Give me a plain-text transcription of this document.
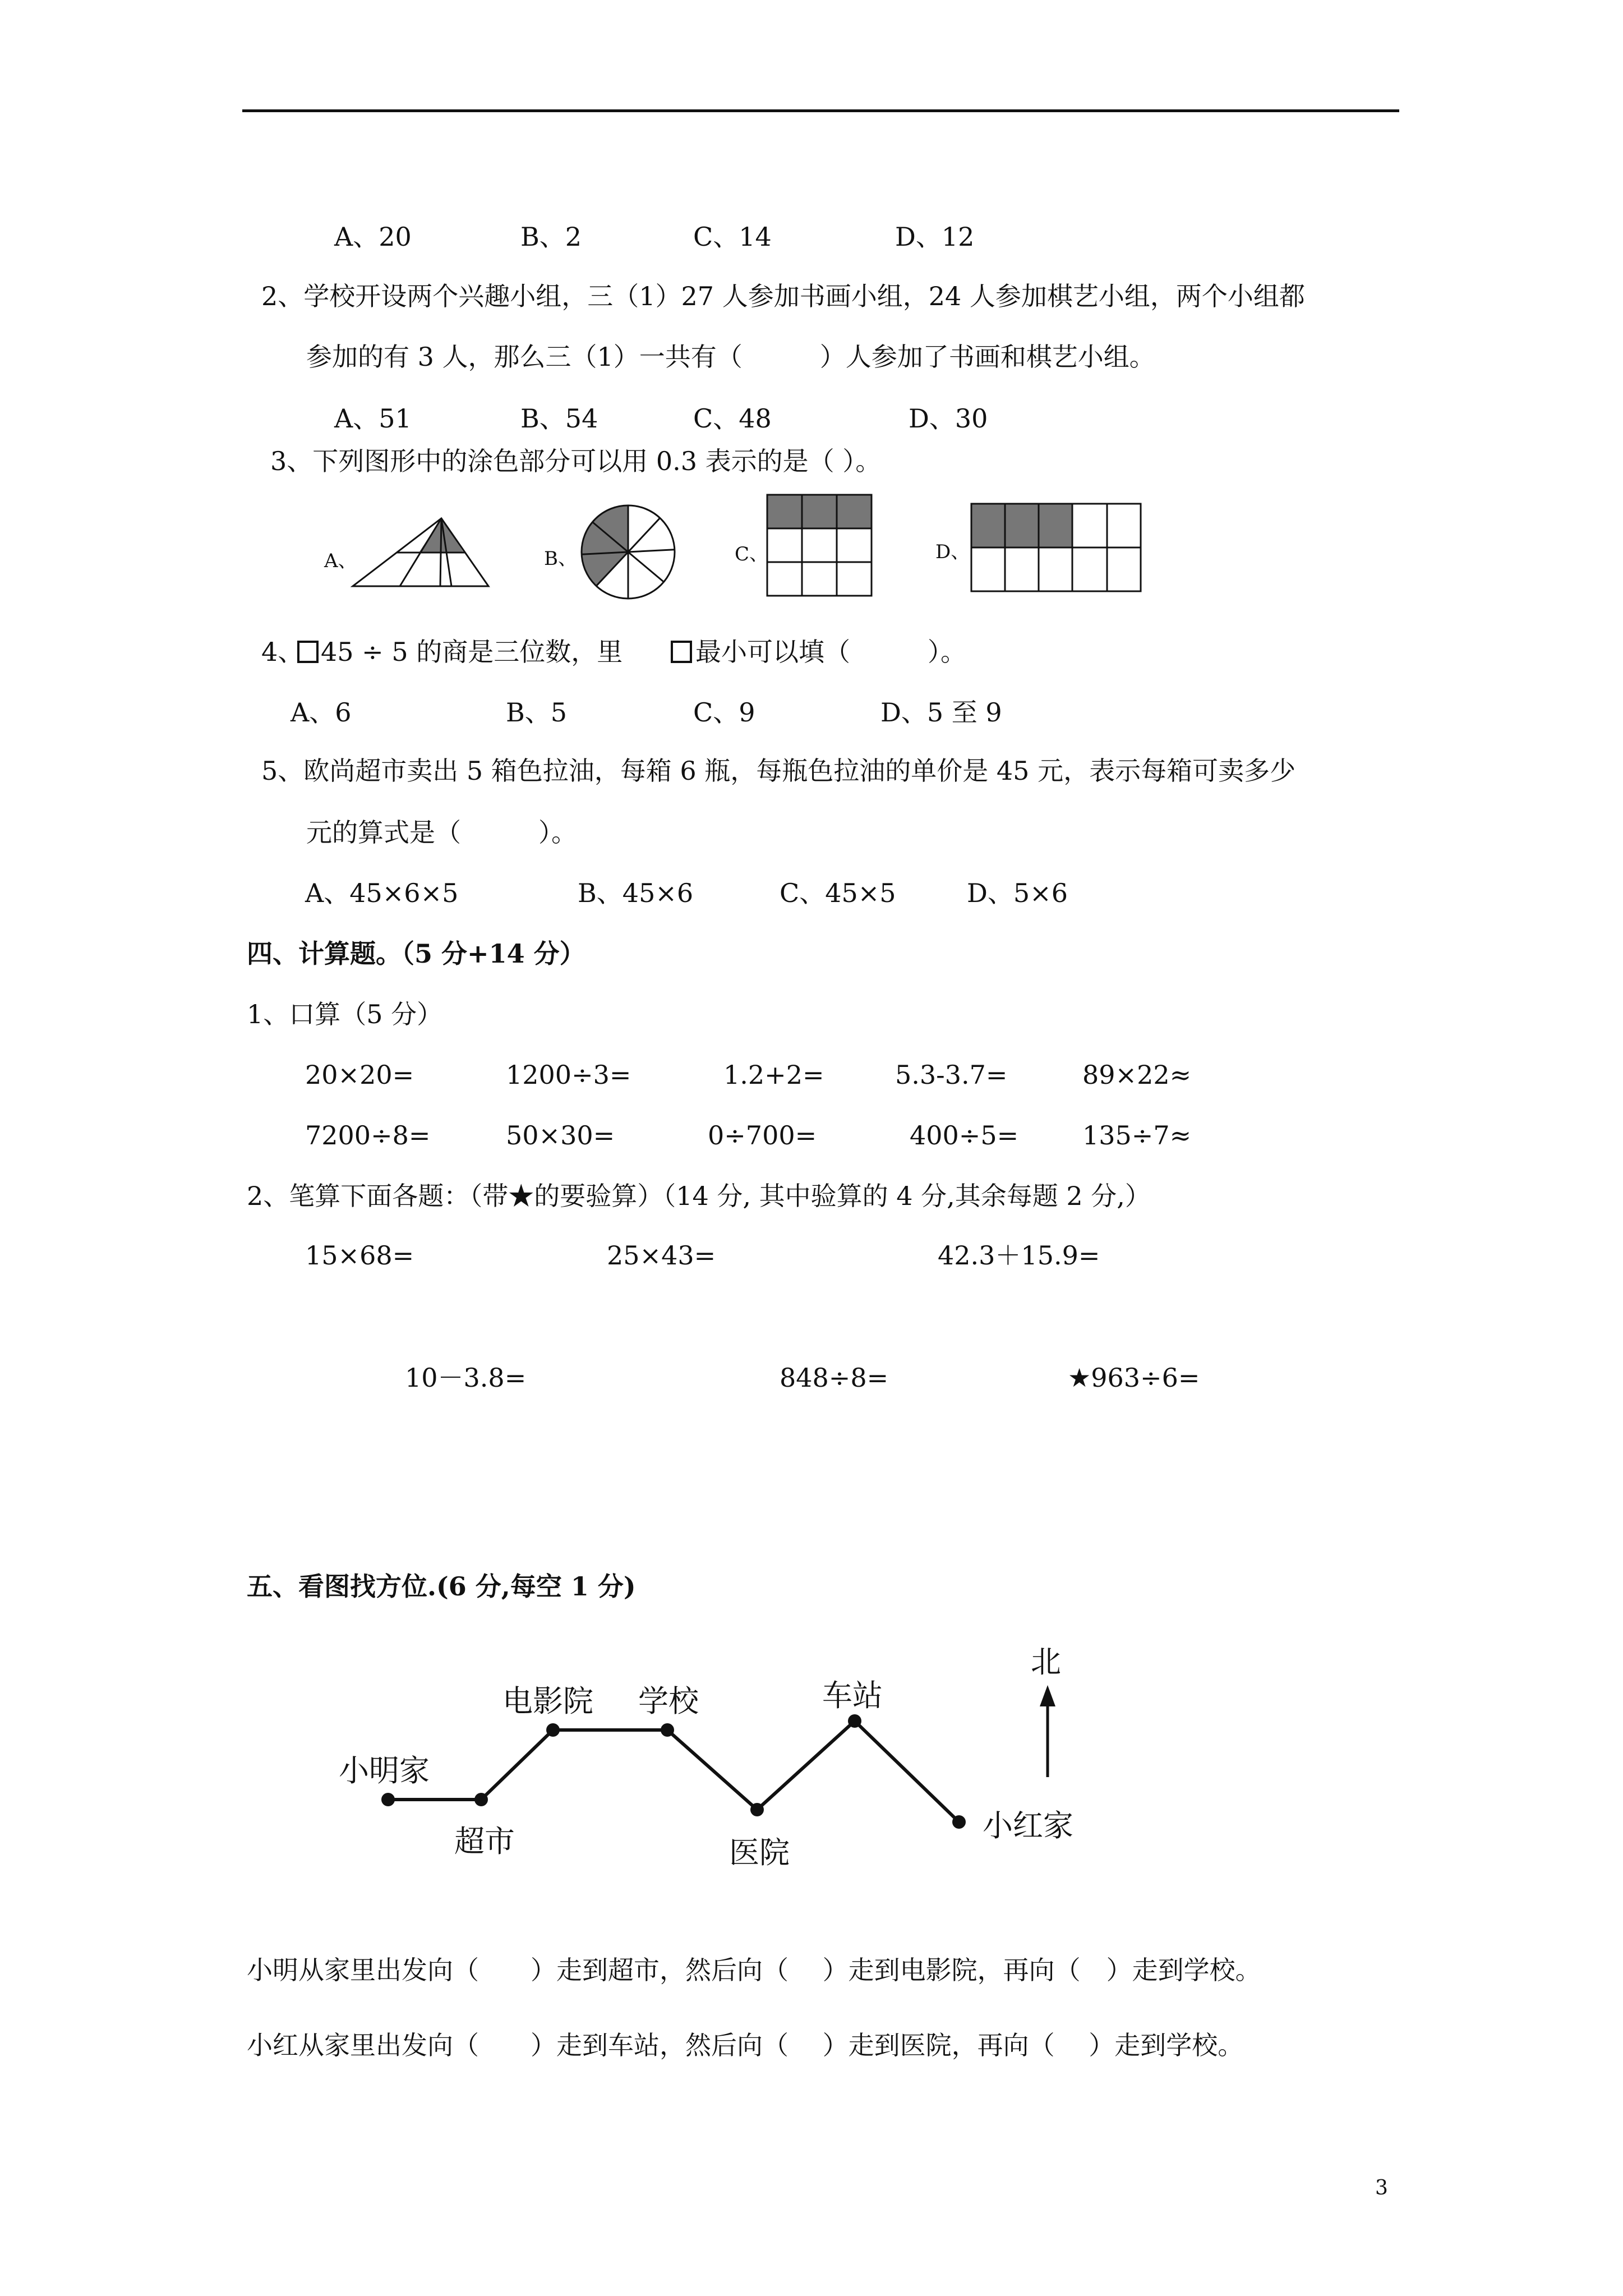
A、20	B、2	C、14	D、12
2、学校开设两个兴趣小组，三（1）27 人参加书画小组，24 人参加棋艺小组，两个小组都
参加的有 3 人，那么三（1）一共有（　　　）人参加了书画和棋艺小组。
A、51	B、54	C、48	D、30
3、下列图形中的涂色部分可以用 0.3 表示的是（ ）。
A、	B、	C、	D、
4、 45 ÷ 5 的商是三位数，里	最小可以填（　　　）。
A、6	B、5	C、9	D、5 至 9
5、欧尚超市卖出 5 箱色拉油，每箱 6 瓶，每瓶色拉油的单价是 45 元，表示每箱可卖多少
元的算式是（　　　）。
A、45×6×5	B、45×6	C、45×5	D、5×6
四、计算题。（5 分+14 分）
1、口算（5 分）
20×20=	1200÷3=	1.2+2=	5.3-3.7=	89×22≈
7200÷8=	50×30=	0÷700=	400÷5= 135÷7≈
2、笔算下面各题：（带★的要验算）（14 分, 其中验算的 4 分,其余每题 2 分,）
15×68=	25×43=	42.3＋15.9=
10－3.8=	848÷8=	★963÷6=
五、看图找方位.(6 分,每空 1 分)
北
小明家
超市
电影院 学校
医院
车站
小红家
小明从家里出发向（　　）走到超市，然后向（　 ）走到电影院，再向（　）走到学校。
小红从家里出发向（　　）走到车站，然后向（　 ）走到医院，再向（　 ）走到学校。
3
